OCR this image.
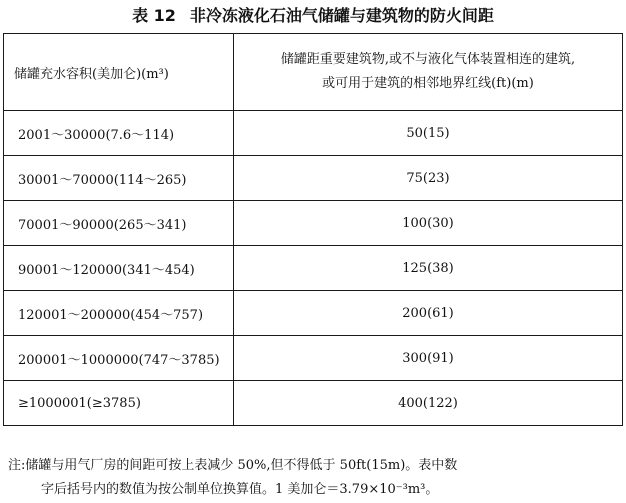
表 12 非冷冻液化石油气储罐与建筑物的防火间距
储罐充水容积(美加仑)(m³)	储罐距重要建筑物,或不与液化气体装置相连的建筑,
或可用于建筑的相邻地界红线(ft)(m)

2001～30000(7.6～114)	50(15)
30001～70000(114～265)	75(23)
70001～90000(265～341)	100(30)
90001～120000(341～454)	125(38)
120001～200000(454～757)	200(61)
200001～1000000(747～3785)	300(91)
≥1000001(≥3785)	400(122)
注:储罐与用气厂房的间距可按上表减少 50%,但不得低于 50ft(15m)。表中数
字后括号内的数值为按公制单位换算值。1 美加仑＝3.79×10⁻³m³。
